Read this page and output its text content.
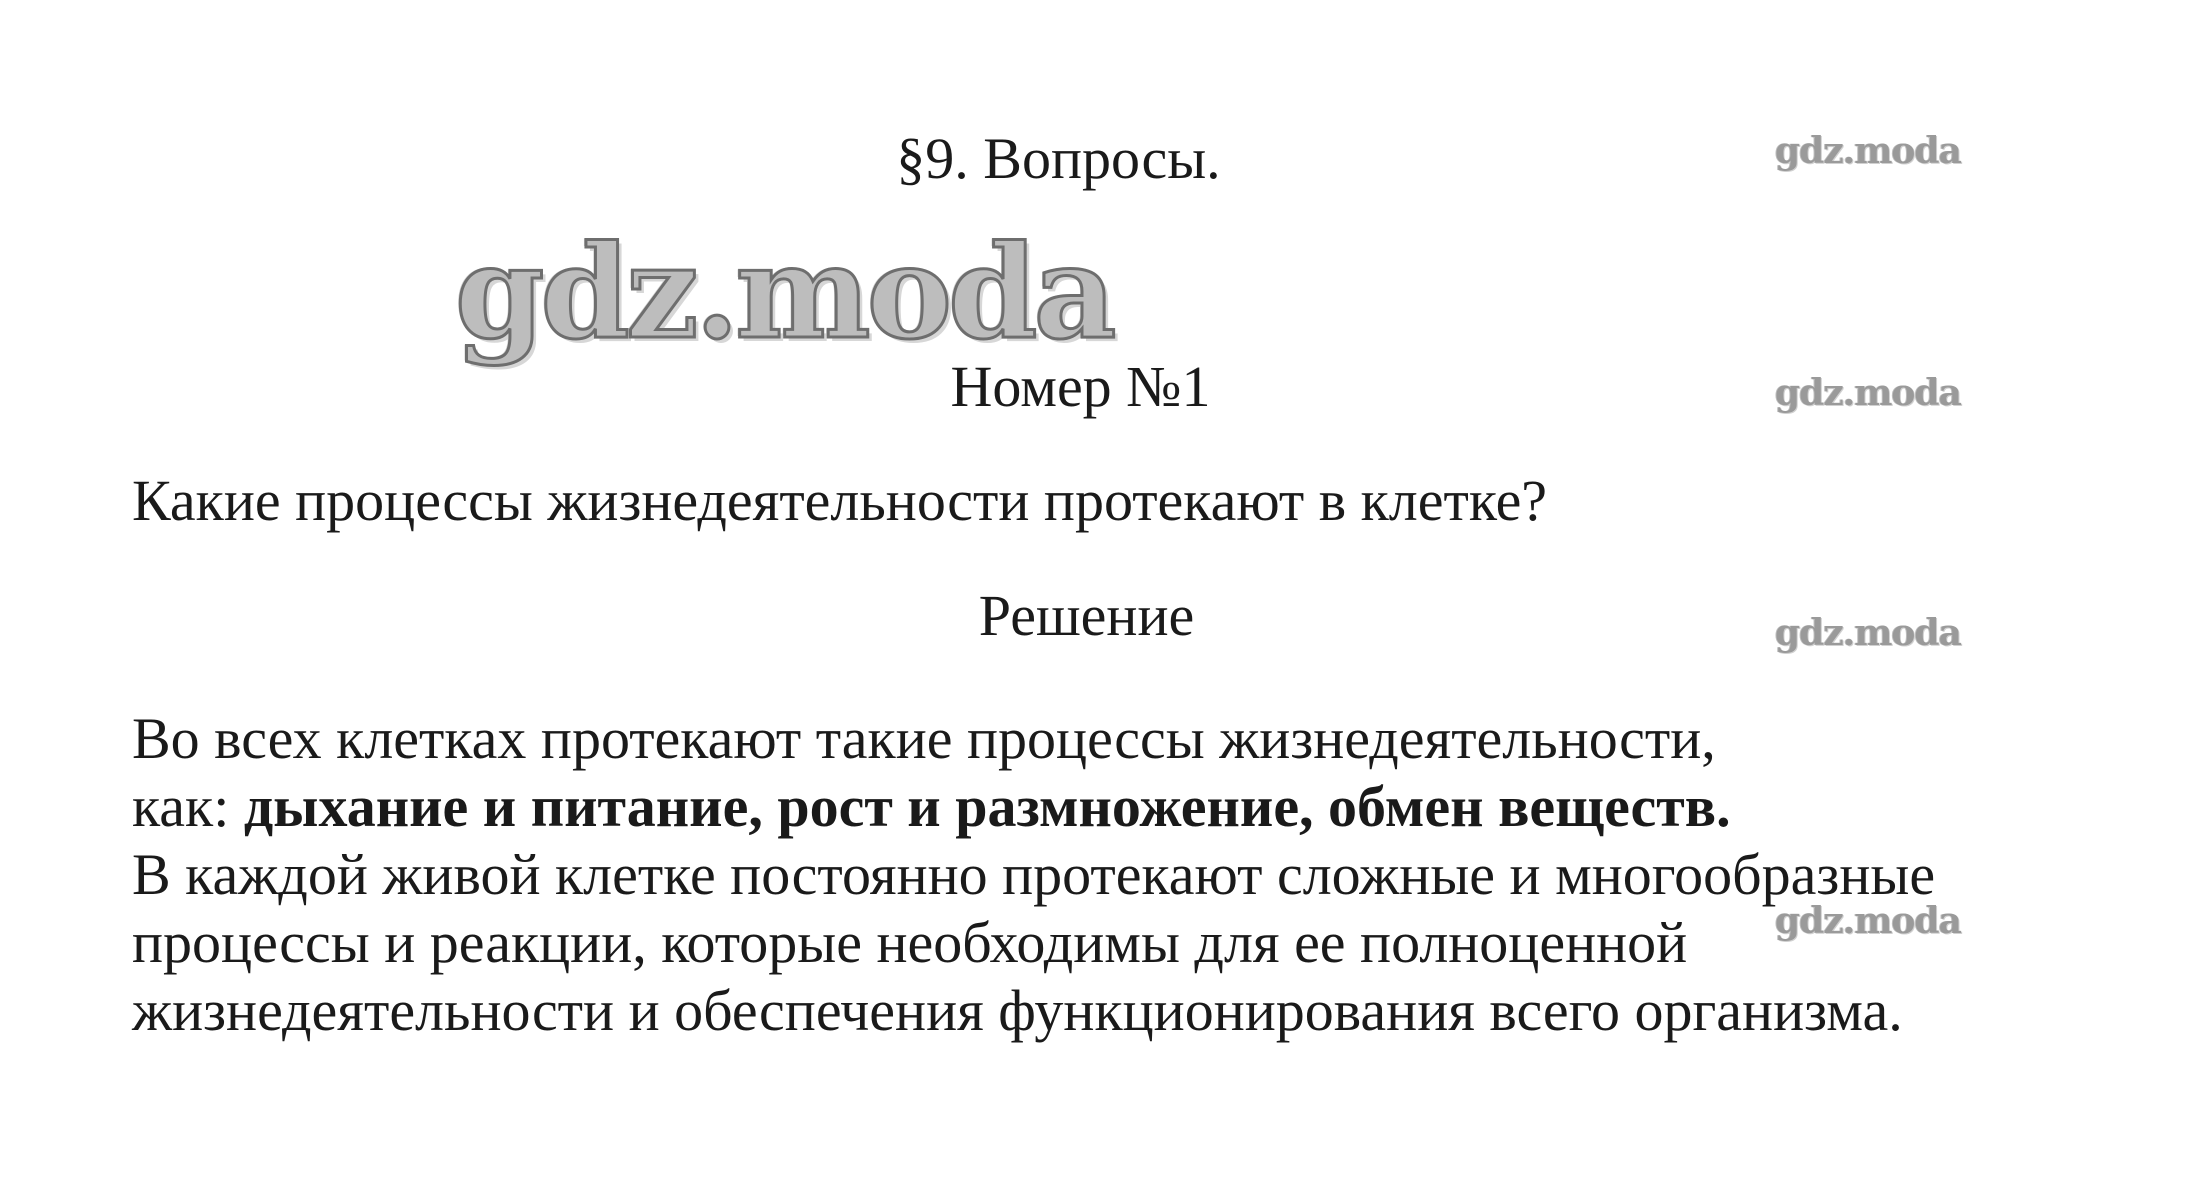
§9. Вопросы.
gdz.moda
Номер №1
Какие процессы жизнедеятельности протекают в клетке?
Решение
Во всех клетках протекают такие процессы жизнедеятельности,
как: дыхание и питание, рост и размножение, обмен веществ.
В каждой живой клетке постоянно протекают сложные и многообразные
процессы и реакции, которые необходимы для ее полноценной
жизнедеятельности и обеспечения функционирования всего организма.
gdz.moda
gdz.moda
gdz.moda
gdz.moda
